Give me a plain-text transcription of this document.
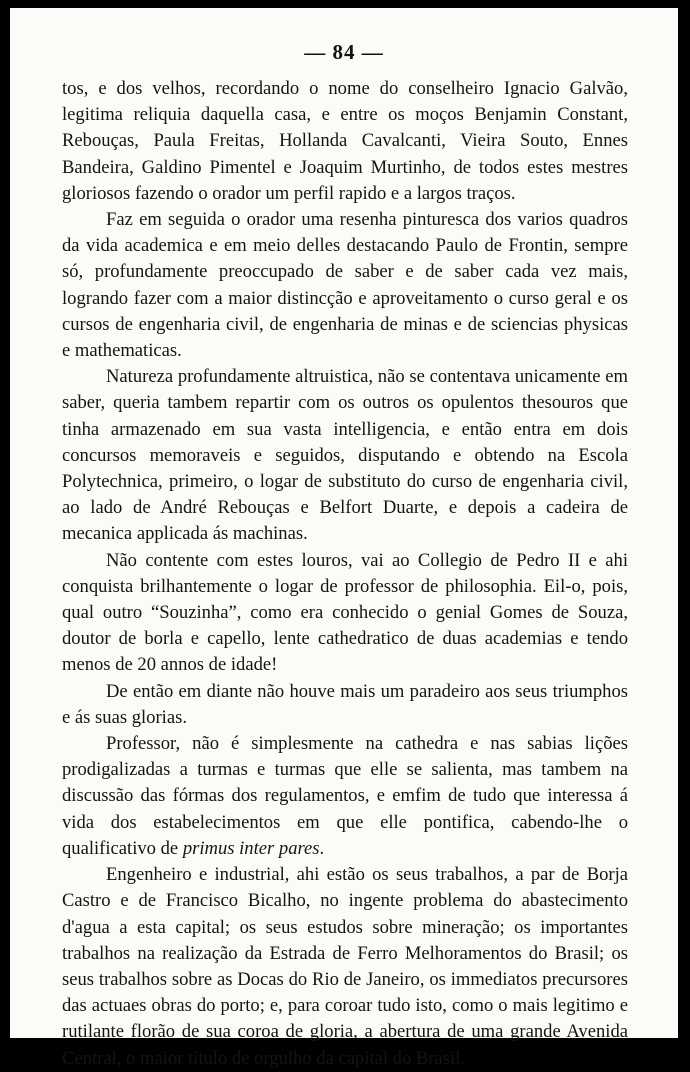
— 84 —

tos, e dos velhos, recordando o nome do conselheiro Ignacio Galvão, legitima reliquia daquella casa, e entre os moços Benjamin Constant, Rebouças, Paula Freitas, Hollanda Cavalcanti, Vieira Souto, Ennes Bandeira, Galdino Pimentel e Joaquim Murtinho, de todos estes mestres gloriosos fazendo o orador um perfil rapido e a largos traços.

Faz em seguida o orador uma resenha pinturesca dos varios quadros da vida academica e em meio delles destacando Paulo de Frontin, sempre só, profundamente preoccupado de saber e de saber cada vez mais, logrando fazer com a maior distincção e aproveitamento o curso geral e os cursos de engenharia civil, de engenharia de minas e de sciencias physicas e mathematicas.

Natureza profundamente altruistica, não se contentava unicamente em saber, queria tambem repartir com os outros os opulentos thesouros que tinha armazenado em sua vasta intelligencia, e então entra em dois concursos memoraveis e seguidos, disputando e obtendo na Escola Polytechnica, primeiro, o logar de substituto do curso de engenharia civil, ao lado de André Rebouças e Belfort Duarte, e depois a cadeira de mecanica applicada ás machinas.

Não contente com estes louros, vai ao Collegio de Pedro II e ahi conquista brilhantemente o logar de professor de philosophia. Eil-o, pois, qual outro “Souzinha”, como era conhecido o genial Gomes de Souza, doutor de borla e capello, lente cathedratico de duas academias e tendo menos de 20 annos de idade!

De então em diante não houve mais um paradeiro aos seus triumphos e ás suas glorias.

Professor, não é simplesmente na cathedra e nas sabias lições prodigalizadas a turmas e turmas que elle se salienta, mas tambem na discussão das fórmas dos regulamentos, e emfim de tudo que interessa á vida dos estabelecimentos em que elle pontifica, cabendo-lhe o qualificativo de primus inter pares.

Engenheiro e industrial, ahi estão os seus trabalhos, a par de Borja Castro e de Francisco Bicalho, no ingente problema do abastecimento d'agua a esta capital; os seus estudos sobre mineração; os importantes trabalhos na realização da Estrada de Ferro Melhoramentos do Brasil; os seus trabalhos sobre as Docas do Rio de Janeiro, os immediatos precursores das actuaes obras do porto; e, para coroar tudo isto, como o mais legitimo e rutilante florão de sua coroa de gloria, a abertura de uma grande Avenida Central, o maior titulo de orgulho da capital do Brasil.
